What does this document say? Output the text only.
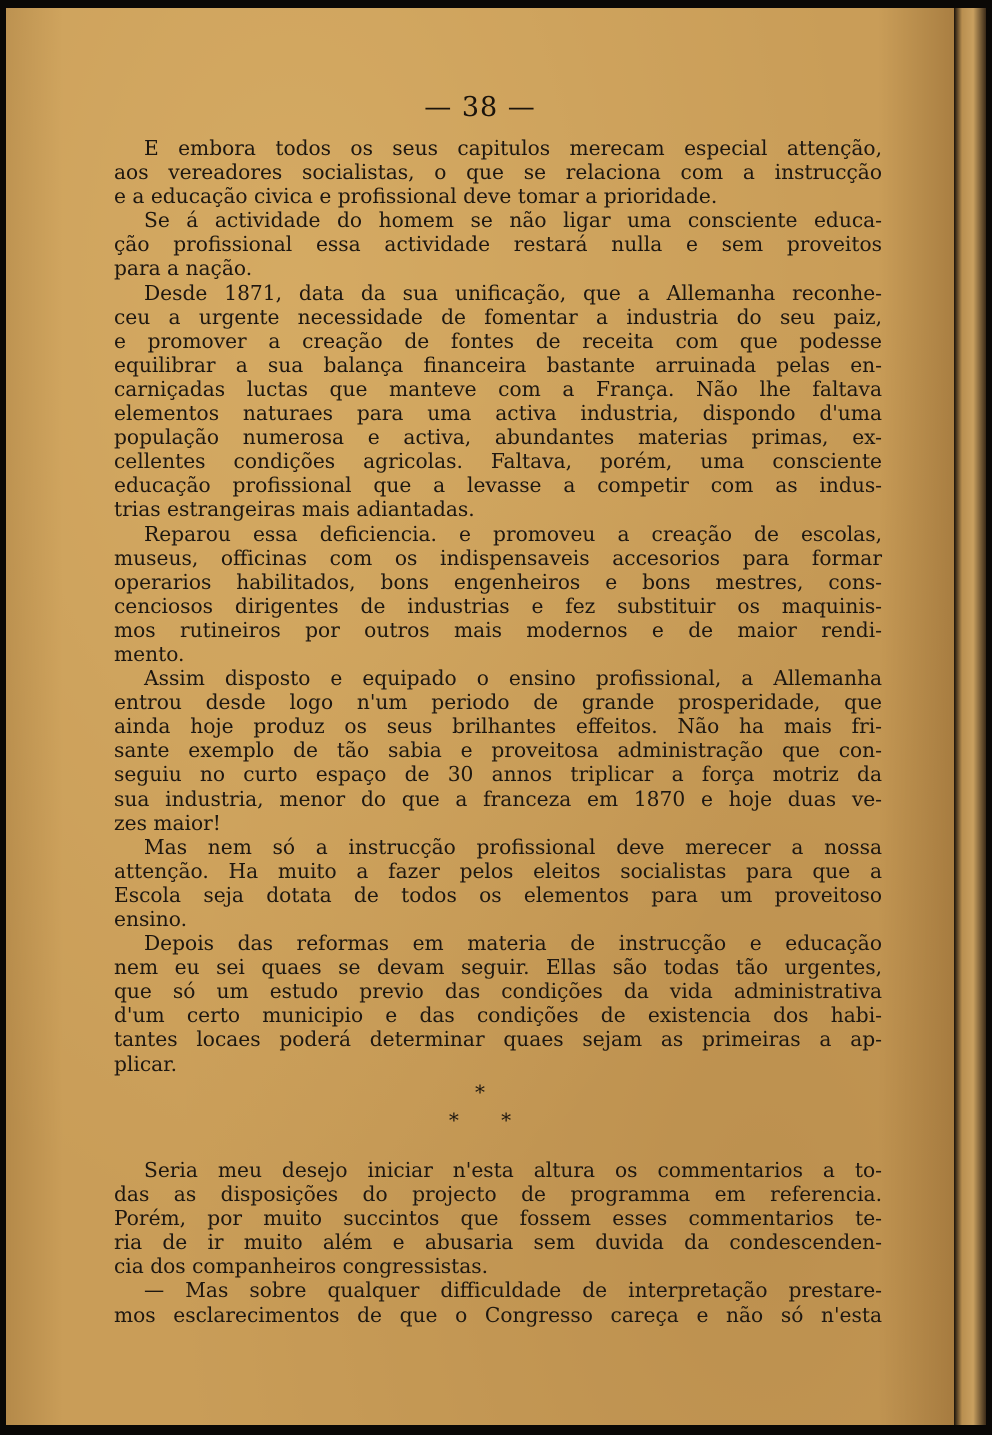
— 38 —
E embora todos os seus capitulos merecam especial attenção,
aos vereadores socialistas, o que se relaciona com a instrucção
e a educação civica e profissional deve tomar a prioridade.
Se á actividade do homem se não ligar uma consciente educa-
ção profissional essa actividade restará nulla e sem proveitos
para a nação.
Desde 1871, data da sua unificação, que a Allemanha reconhe-
ceu a urgente necessidade de fomentar a industria do seu paiz,
e promover a creação de fontes de receita com que podesse
equilibrar a sua balança financeira bastante arruinada pelas en-
carniçadas luctas que manteve com a França. Não lhe faltava
elementos naturaes para uma activa industria, dispondo d'uma
população numerosa e activa, abundantes materias primas, ex-
cellentes condições agricolas. Faltava, porém, uma consciente
educação profissional que a levasse a competir com as indus-
trias estrangeiras mais adiantadas.
Reparou essa deficiencia. e promoveu a creação de escolas,
museus, officinas com os indispensaveis accesorios para formar
operarios habilitados, bons engenheiros e bons mestres, cons-
cenciosos dirigentes de industrias e fez substituir os maquinis-
mos rutineiros por outros mais modernos e de maior rendi-
mento.
Assim disposto e equipado o ensino profissional, a Allemanha
entrou desde logo n'um periodo de grande prosperidade, que
ainda hoje produz os seus brilhantes effeitos. Não ha mais fri-
sante exemplo de tão sabia e proveitosa administração que con-
seguiu no curto espaço de 30 annos triplicar a força motriz da
sua industria, menor do que a franceza em 1870 e hoje duas ve-
zes maior!
Mas nem só a instrucção profissional deve merecer a nossa
attenção. Ha muito a fazer pelos eleitos socialistas para que a
Escola seja dotata de todos os elementos para um proveitoso
ensino.
Depois das reformas em materia de instrucção e educação
nem eu sei quaes se devam seguir. Ellas são todas tão urgentes,
que só um estudo previo das condições da vida administrativa
d'um certo municipio e das condições de existencia dos habi-
tantes locaes poderá determinar quaes sejam as primeiras a ap-
plicar.
*
* *
Seria meu desejo iniciar n'esta altura os commentarios a to-
das as disposições do projecto de programma em referencia.
Porém, por muito succintos que fossem esses commentarios te-
ria de ir muito além e abusaria sem duvida da condescenden-
cia dos companheiros congressistas.
— Mas sobre qualquer difficuldade de interpretação prestare-
mos esclarecimentos de que o Congresso careça e não só n'esta
